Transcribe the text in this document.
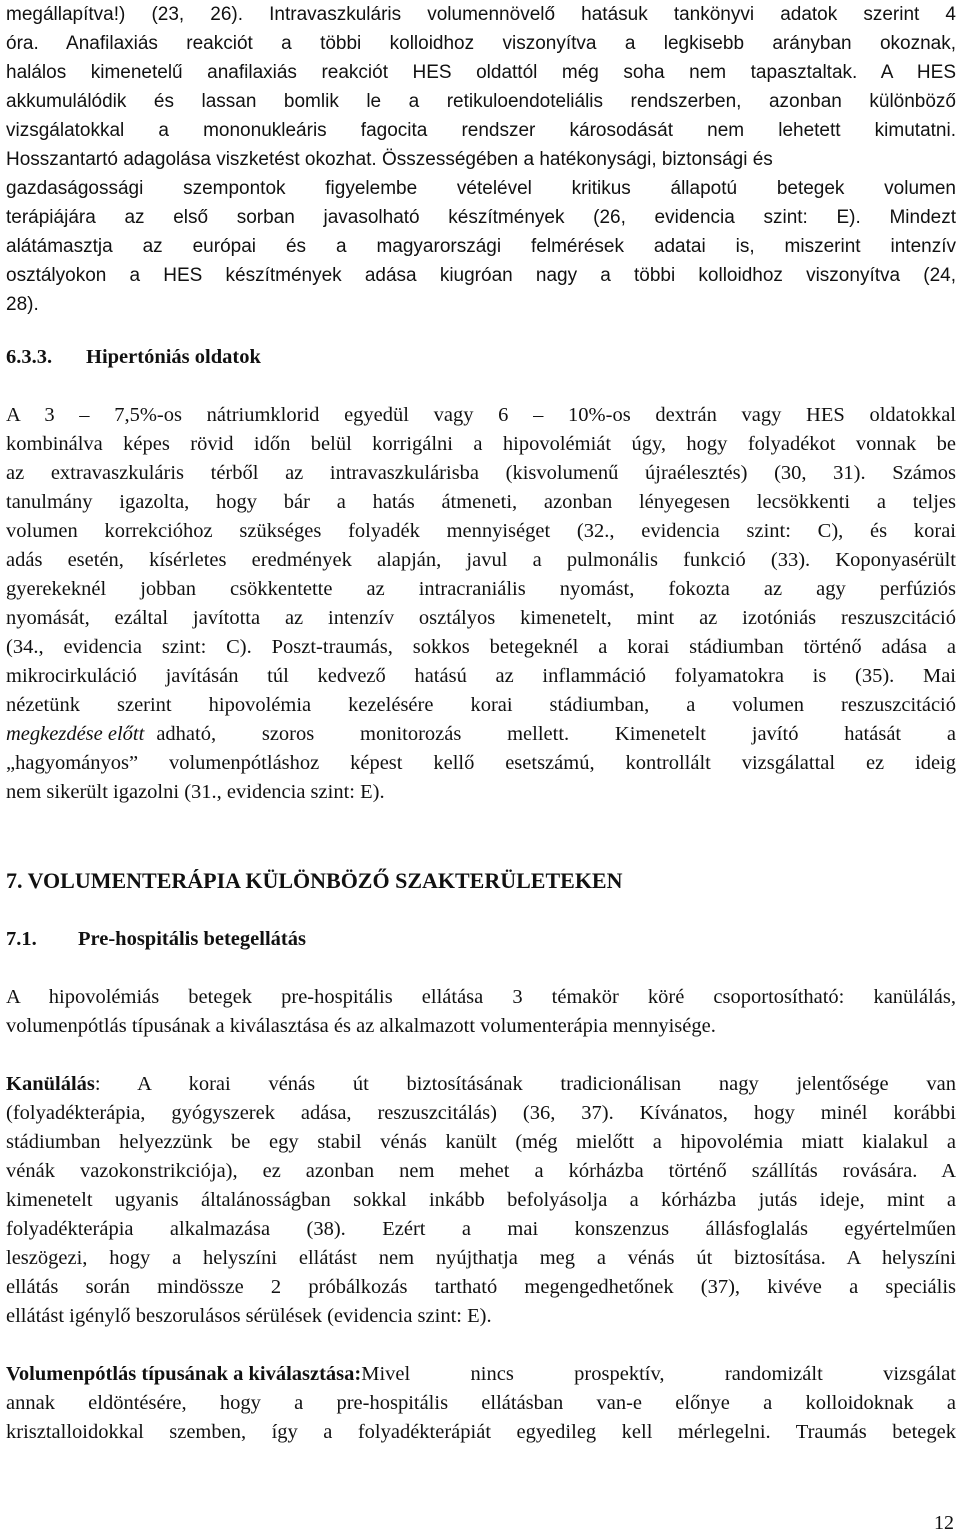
megállapítva!) (23, 26). Intravaszkuláris volumennövelő hatásuk tankönyvi adatok szerint 4
óra. Anafilaxiás reakciót a többi kolloidhoz viszonyítva a legkisebb arányban okoznak,
halálos kimenetelű anafilaxiás reakciót HES oldattól még soha nem tapasztaltak. A HES
akkumulálódik és lassan bomlik le a retikuloendoteliális rendszerben, azonban különböző
vizsgálatokkal a mononukleáris fagocita rendszer károsodását nem lehetett kimutatni.
Hosszantartó adagolása viszketést okozhat. Összességében a hatékonysági, biztonsági és
gazdaságossági szempontok figyelembe vételével kritikus állapotú betegek volumen
terápiájára az első sorban javasolható készítmények (26, evidencia szint: E). Mindezt
alátámasztja az európai és a magyarországi felmérések adatai is, miszerint intenzív
osztályokon a HES készítmények adása kiugróan nagy a többi kolloidhoz viszonyítva (24,
28).
6.3.3. Hipertóniás oldatok
A 3 – 7,5%-os nátriumklorid egyedül vagy 6 – 10%-os dextrán vagy HES oldatokkal
kombinálva képes rövid időn belül korrigálni a hipovolémiát úgy, hogy folyadékot vonnak be
az extravaszkuláris térből az intravaszkulárisba (kisvolumenű újraélesztés) (30, 31). Számos
tanulmány igazolta, hogy bár a hatás átmeneti, azonban lényegesen lecsökkenti a teljes
volumen korrekcióhoz szükséges folyadék mennyiséget (32., evidencia szint: C), és korai
adás esetén, kísérletes eredmények alapján, javul a pulmonális funkció (33). Koponyasérült
gyerekeknél jobban csökkentette az intracraniális nyomást, fokozta az agy perfúziós
nyomását, ezáltal javította az intenzív osztályos kimenetelt, mint az izotóniás reszuszcitáció
(34., evidencia szint: C). Poszt-traumás, sokkos betegeknél a korai stádiumban történő adása a
mikrocirkuláció javításán túl kedvező hatású az inflammáció folyamatokra is (35). Mai
nézetünk szerint hipovolémia kezelésére korai stádiumban, a volumen reszuszcitáció
megkezdése előtt adható, szoros monitorozás mellett. Kimenetelt javító hatását a
„hagyományos” volumenpótláshoz képest kellő esetszámú, kontrollált vizsgálattal ez ideig
nem sikerült igazolni (31., evidencia szint: E).
7. VOLUMENTERÁPIA KÜLÖNBÖZŐ SZAKTERÜLETEKEN
7.1. Pre-hospitális betegellátás
A hipovolémiás betegek pre-hospitális ellátása 3 témakör köré csoportosítható: kanülálás,
volumenpótlás típusának a kiválasztása és az alkalmazott volumenterápia mennyisége.
Kanülálás : A korai vénás út biztosításának tradicionálisan nagy jelentősége van
(folyadékterápia, gyógyszerek adása, reszuszcitálás) (36, 37). Kívánatos, hogy minél korábbi
stádiumban helyezzünk be egy stabil vénás kanült (még mielőtt a hipovolémia miatt kialakul a
vénák vazokonstrikciója), ez azonban nem mehet a kórházba történő szállítás rovására. A
kimenetelt ugyanis általánosságban sokkal inkább befolyásolja a kórházba jutás ideje, mint a
folyadékterápia alkalmazása (38). Ezért a mai konszenzus állásfoglalás egyértelműen
leszögezi, hogy a helyszíni ellátást nem nyújthatja meg a vénás út biztosítása. A helyszíni
ellátás során mindössze 2 próbálkozás tartható megengedhetőnek (37), kivéve a speciális
ellátást igénylő beszorulásos sérülések (evidencia szint: E).
Volumenpótlás típusának a kiválasztása: Mivel nincs prospektív, randomizált vizsgálat
annak eldöntésére, hogy a pre-hospitális ellátásban van-e előnye a kolloidoknak a
krisztalloidokkal szemben, így a folyadékterápiát egyedileg kell mérlegelni. Traumás betegek
12
